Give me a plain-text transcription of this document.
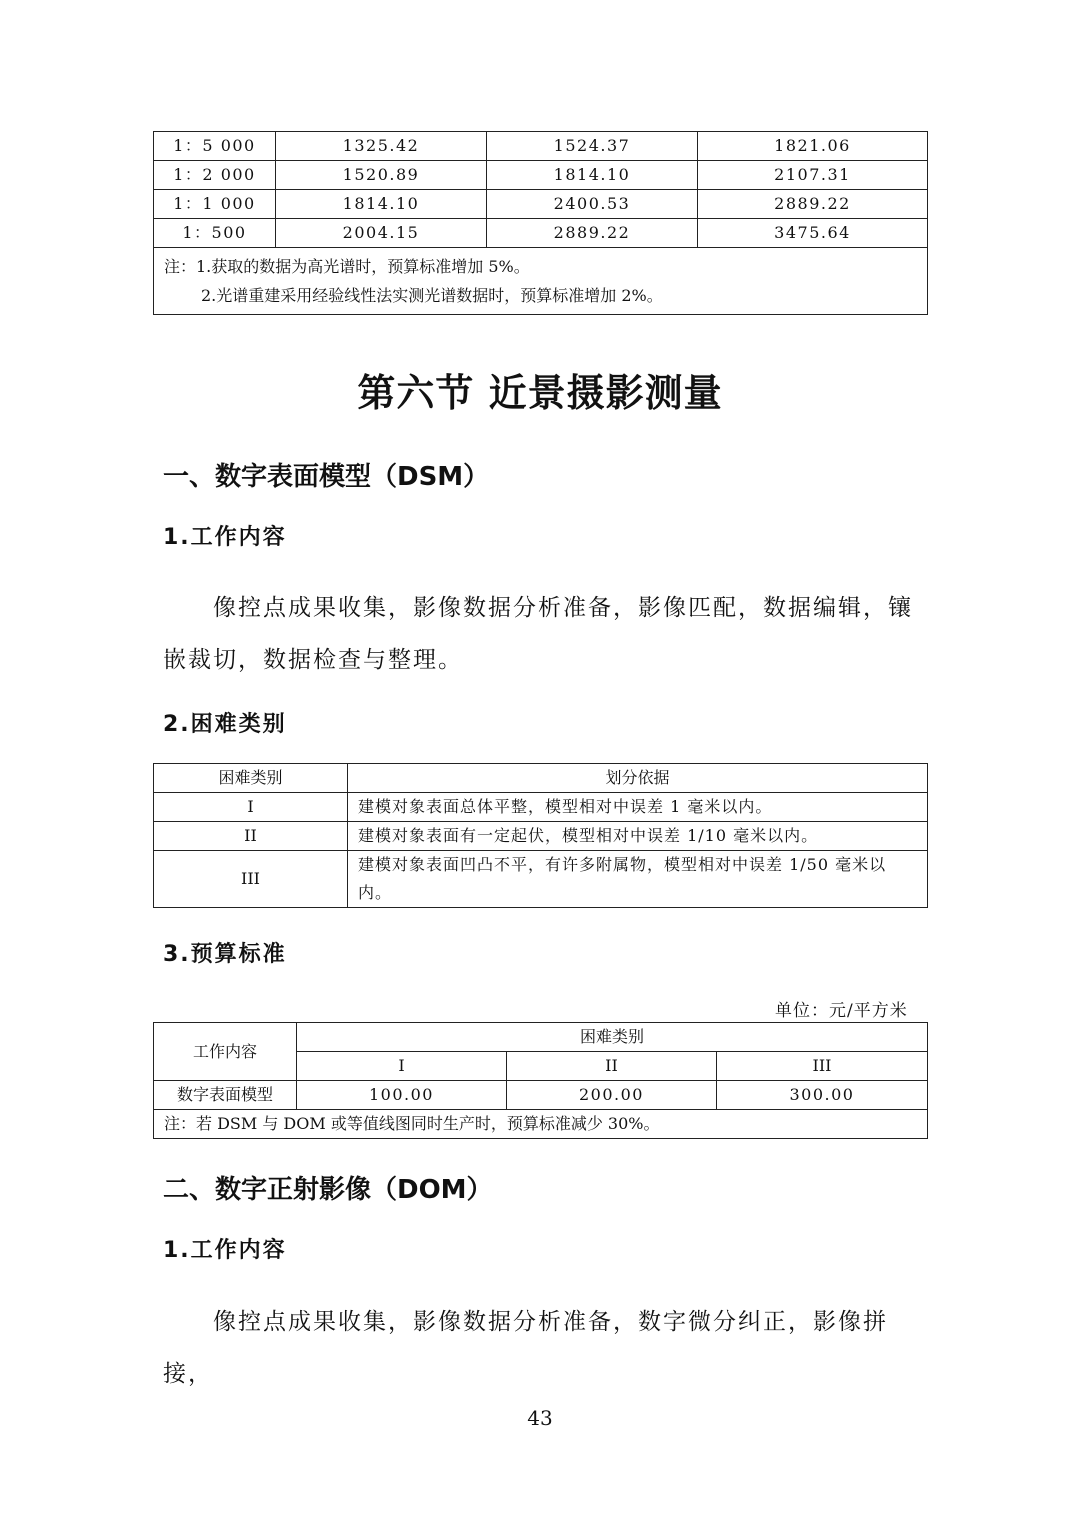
1：5 000	1325.42	1524.37	1821.06
1：2 000	1520.89	1814.10	2107.31
1：1 000	1814.10	2400.53	2889.22
1：500	2004.15	2889.22	3475.64

注：1.获取的数据为高光谱时，预算标准增加 5%。
2.光谱重建采用经验线性法实测光谱数据时，预算标准增加 2%。			
第六节 近景摄影测量
一、数字表面模型（DSM）
1.工作内容
像控点成果收集，影像数据分析准备，影像匹配，数据编辑，镶嵌裁切，数据检查与整理。
2.困难类别
困难类别	划分依据
I	建模对象表面总体平整，模型相对中误差 1 毫米以内。
II	建模对象表面有一定起伏，模型相对中误差 1/10 毫米以内。
III	建模对象表面凹凸不平，有许多附属物，模型相对中误差 1/50 毫米以内。
3.预算标准
单位：元/平方米
工作内容	困难类别		
	I	II	III
数字表面模型	100.00	200.00	300.00
注：若 DSM 与 DOM 或等值线图同时生产时，预算标准减少 30%。			
二、数字正射影像（DOM）
1.工作内容
像控点成果收集，影像数据分析准备，数字微分纠正，影像拼接，
43
